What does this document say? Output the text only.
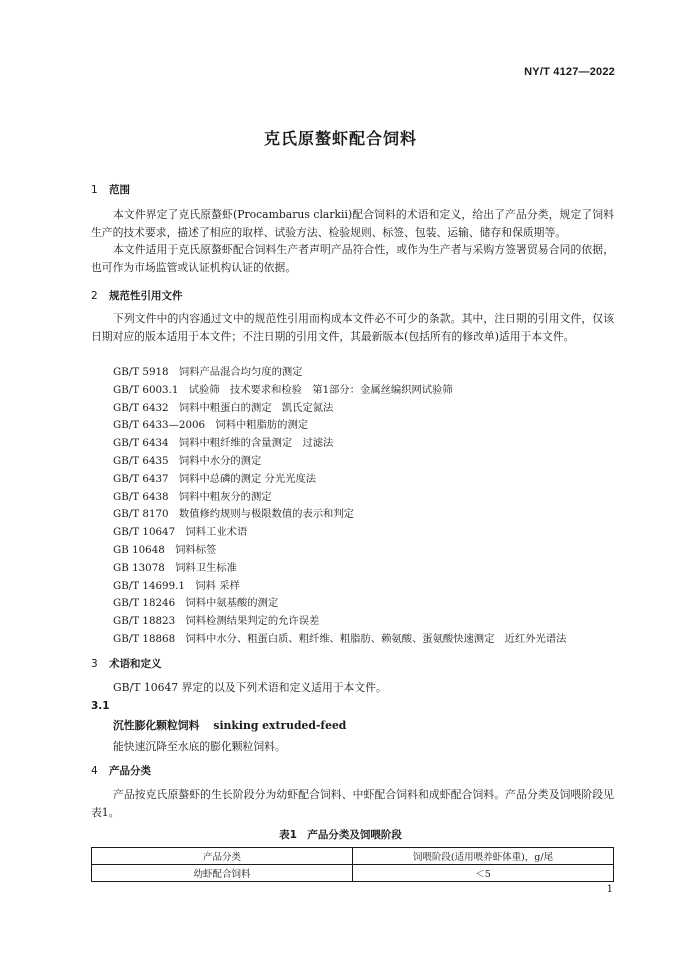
NY/T 4127—2022
克氏原螯虾配合饲料
1 范围

本文件界定了克氏原螯虾(Procambarus clarkii)配合饲料的术语和定义，给出了产品分类，规定了饲料生产的技术要求，描述了相应的取样、试验方法、检验规则、标签、包装、运输、储存和保质期等。

本文件适用于克氏原螯虾配合饲料生产者声明产品符合性，或作为生产者与采购方签署贸易合同的依据，也可作为市场监管或认证机构认证的依据。

2 规范性引用文件

下列文件中的内容通过文中的规范性引用而构成本文件必不可少的条款。其中，注日期的引用文件，仅该日期对应的版本适用于本文件；不注日期的引用文件，其最新版本(包括所有的修改单)适用于本文件。

GB/T 5918　饲料产品混合均匀度的测定
GB/T 6003.1　试验筛　技术要求和检验　第1部分：金属丝编织网试验筛
GB/T 6432　饲料中粗蛋白的测定　凯氏定氮法
GB/T 6433—2006　饲料中粗脂肪的测定
GB/T 6434　饲料中粗纤维的含量测定　过滤法
GB/T 6435　饲料中水分的测定
GB/T 6437　饲料中总磷的测定 分光光度法
GB/T 6438　饲料中粗灰分的测定
GB/T 8170　数值修约规则与极限数值的表示和判定
GB/T 10647　饲料工业术语
GB 10648　饲料标签
GB 13078　饲料卫生标准
GB/T 14699.1　饲料 采样
GB/T 18246　饲料中氨基酸的测定
GB/T 18823　饲料检测结果判定的允许误差
GB/T 18868　饲料中水分、粗蛋白质、粗纤维、粗脂肪、赖氨酸、蛋氨酸快速测定　近红外光谱法
3 术语和定义

GB/T 10647 界定的以及下列术语和定义适用于本文件。

3.1
沉性膨化颗粒饲料 sinking extruded-feed
能快速沉降至水底的膨化颗粒饲料。
4 产品分类

产品按克氏原螯虾的生长阶段分为幼虾配合饲料、中虾配合饲料和成虾配合饲料。产品分类及饲喂阶段见表1。

表1　产品分类及饲喂阶段
产品分类	饲喂阶段(适用喂养虾体重)，g/尾
幼虾配合饲料	＜5
1
